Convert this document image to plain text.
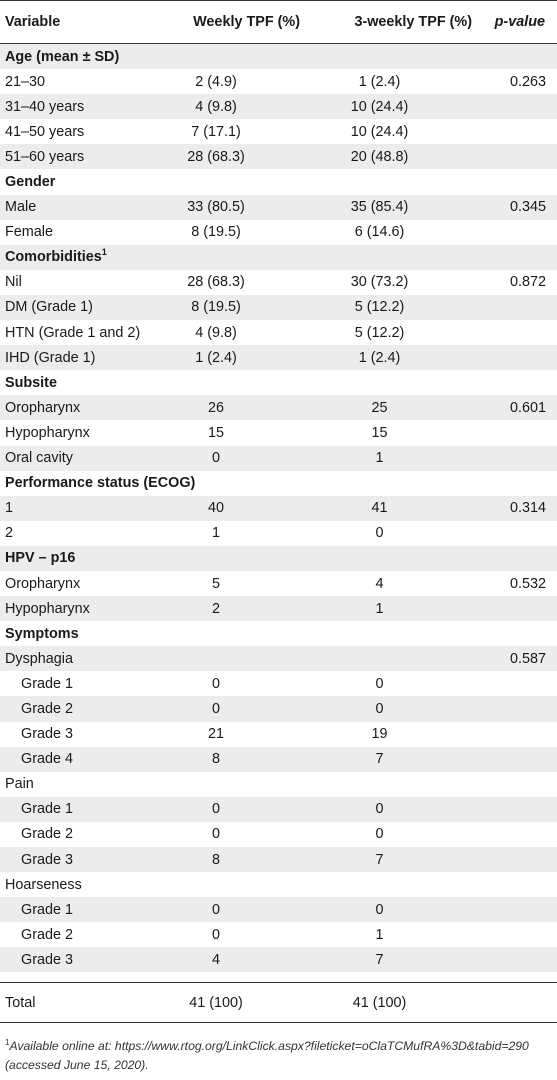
Variable	Weekly TPF (%)	3-weekly TPF (%)	p-value
Age (mean ± SD)			
21–30	2 (4.9)	1 (2.4)	0.263
31–40 years	4 (9.8)	10 (24.4)	
41–50 years	7 (17.1)	10 (24.4)	
51–60 years	28 (68.3)	20 (48.8)	
Gender			
Male	33 (80.5)	35 (85.4)	0.345
Female	8 (19.5)	6 (14.6)	
Comorbidities$^1$
Nil	28 (68.3)	30 (73.2)	0.872
DM (Grade 1)	8 (19.5)	5 (12.2)	
HTN (Grade 1 and 2)	4 (9.8)	5 (12.2)	
IHD (Grade 1)	1 (2.4)	1 (2.4)	
Subsite			
Oropharynx	26	25	0.601
Hypopharynx	15	15	
Oral cavity	0	1	
Performance status (ECOG)			
1	40	41	0.314
2	1	0	
HPV – p16			
Oropharynx	5	4	0.532
Hypopharynx	2	1	
Symptoms			
Dysphagia			0.587
Grade 1	0	0	
Grade 2	0	0	
Grade 3	21	19	
Grade 4	8	7	
Pain			
Grade 1	0	0	
Grade 2	0	0	
Grade 3	8	7	
Hoarseness			
Grade 1	0	0	
Grade 2	0	1	
Grade 3	4	7	

Total	41 (100)	41 (100)	
$^1$Available online at: https://www.rtog.org/LinkClick.aspx?fileticket=oClaTCMufRA%3D&tabid=290 (accessed June 15, 2020).
